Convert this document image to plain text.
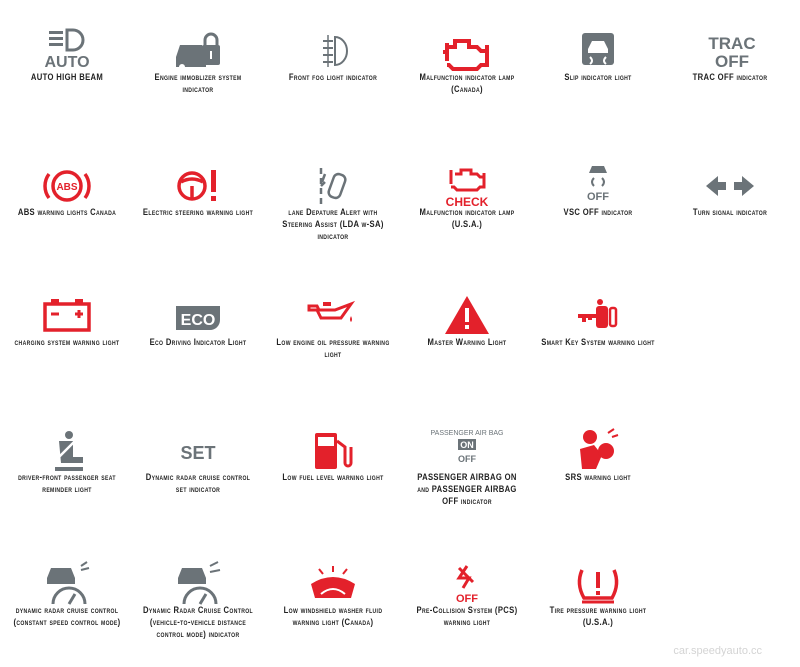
AUTO
AUTO HIGH BEAM	Engine immoblizer system indicator
Front fog light indicator	Malfunction indicator lamp (Canada)
Slip indicator light
TRAC
OFF
TRAC OFF indicator
ABS
ABS warning lights Canada	Electric steering warning light	lane Depature Alert with Steering Assist (LDA w-SA) indicator
CHECK
Malfunction indicator lamp (U.S.A.)
OFF
VSC OFF indicator	Turn signal indicator
charging system warning light
ECO
Eco Driving Indicator Light	Low engine oil pressure warning light
Master Warning Light	Smart Key System warning light
driver-front passenger seat reminder light
SET
Dynamic radar cruise control set indicator
Low fuel level warning light
PASSENGER AIR BAG
ON
OFF
PASSENGER AIRBAG ON and PASSENGER AIRBAG OFF indicator
SRS warning light
dynamic radar cruise control (constant speed control mode)
Dynamic Radar Cruise Control (vehicle-to-vehicle distance control mode) indicator
Low windshield washer fluid warning light (Canada)
OFF
Pre-Collision System (PCS) warning light
Tire pressure warning light (U.S.A.)
car.speedyauto.cc
